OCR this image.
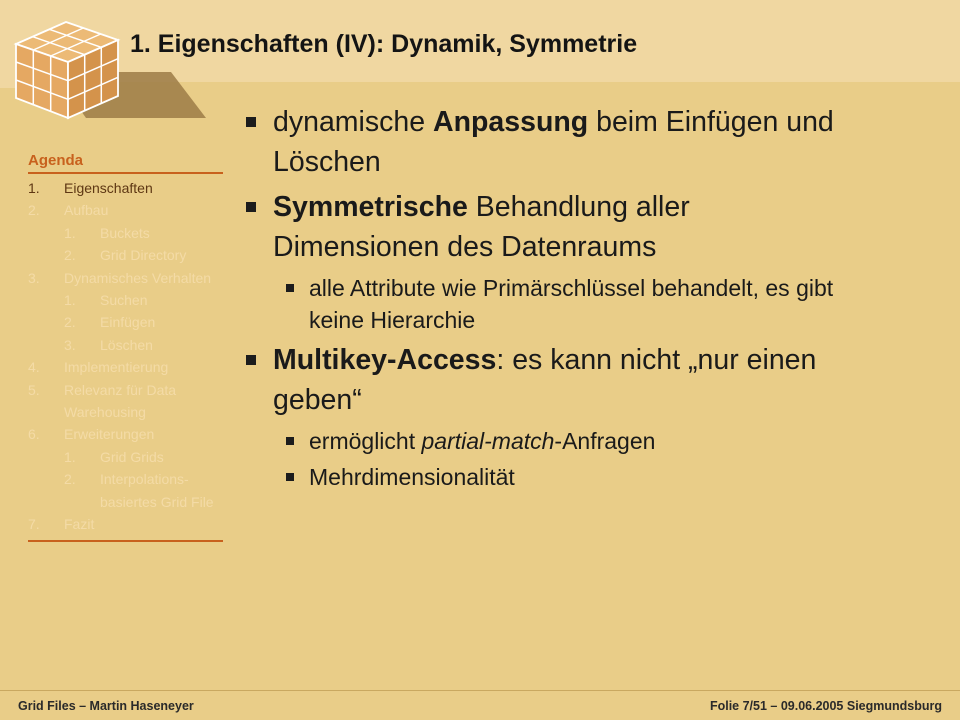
1. Eigenschaften (IV): Dynamik, Symmetrie
Agenda
1.	Eigenschaften
2.	Aufbau
1.	Buckets
2.	Grid Directory
3.	Dynamisches Verhalten
1.	Suchen
2.	Einfügen
3.	Löschen
4.	Implementierung
5.	Relevanz für Data Warehousing
6.	Erweiterungen
1.	Grid Grids
2.	Interpolations-basiertes Grid File
7.	Fazit
dynamische Anpassung beim Einfügen und Löschen
Symmetrische Behandlung aller Dimensionen des Datenraums
alle Attribute wie Primärschlüssel behandelt, es gibt keine Hierarchie
Multikey-Access: es kann nicht „nur einen geben“
ermöglicht partial-match-Anfragen
Mehrdimensionalität
Grid Files – Martin Haseneyer	Folie 7/51 – 09.06.2005 Siegmundsburg
